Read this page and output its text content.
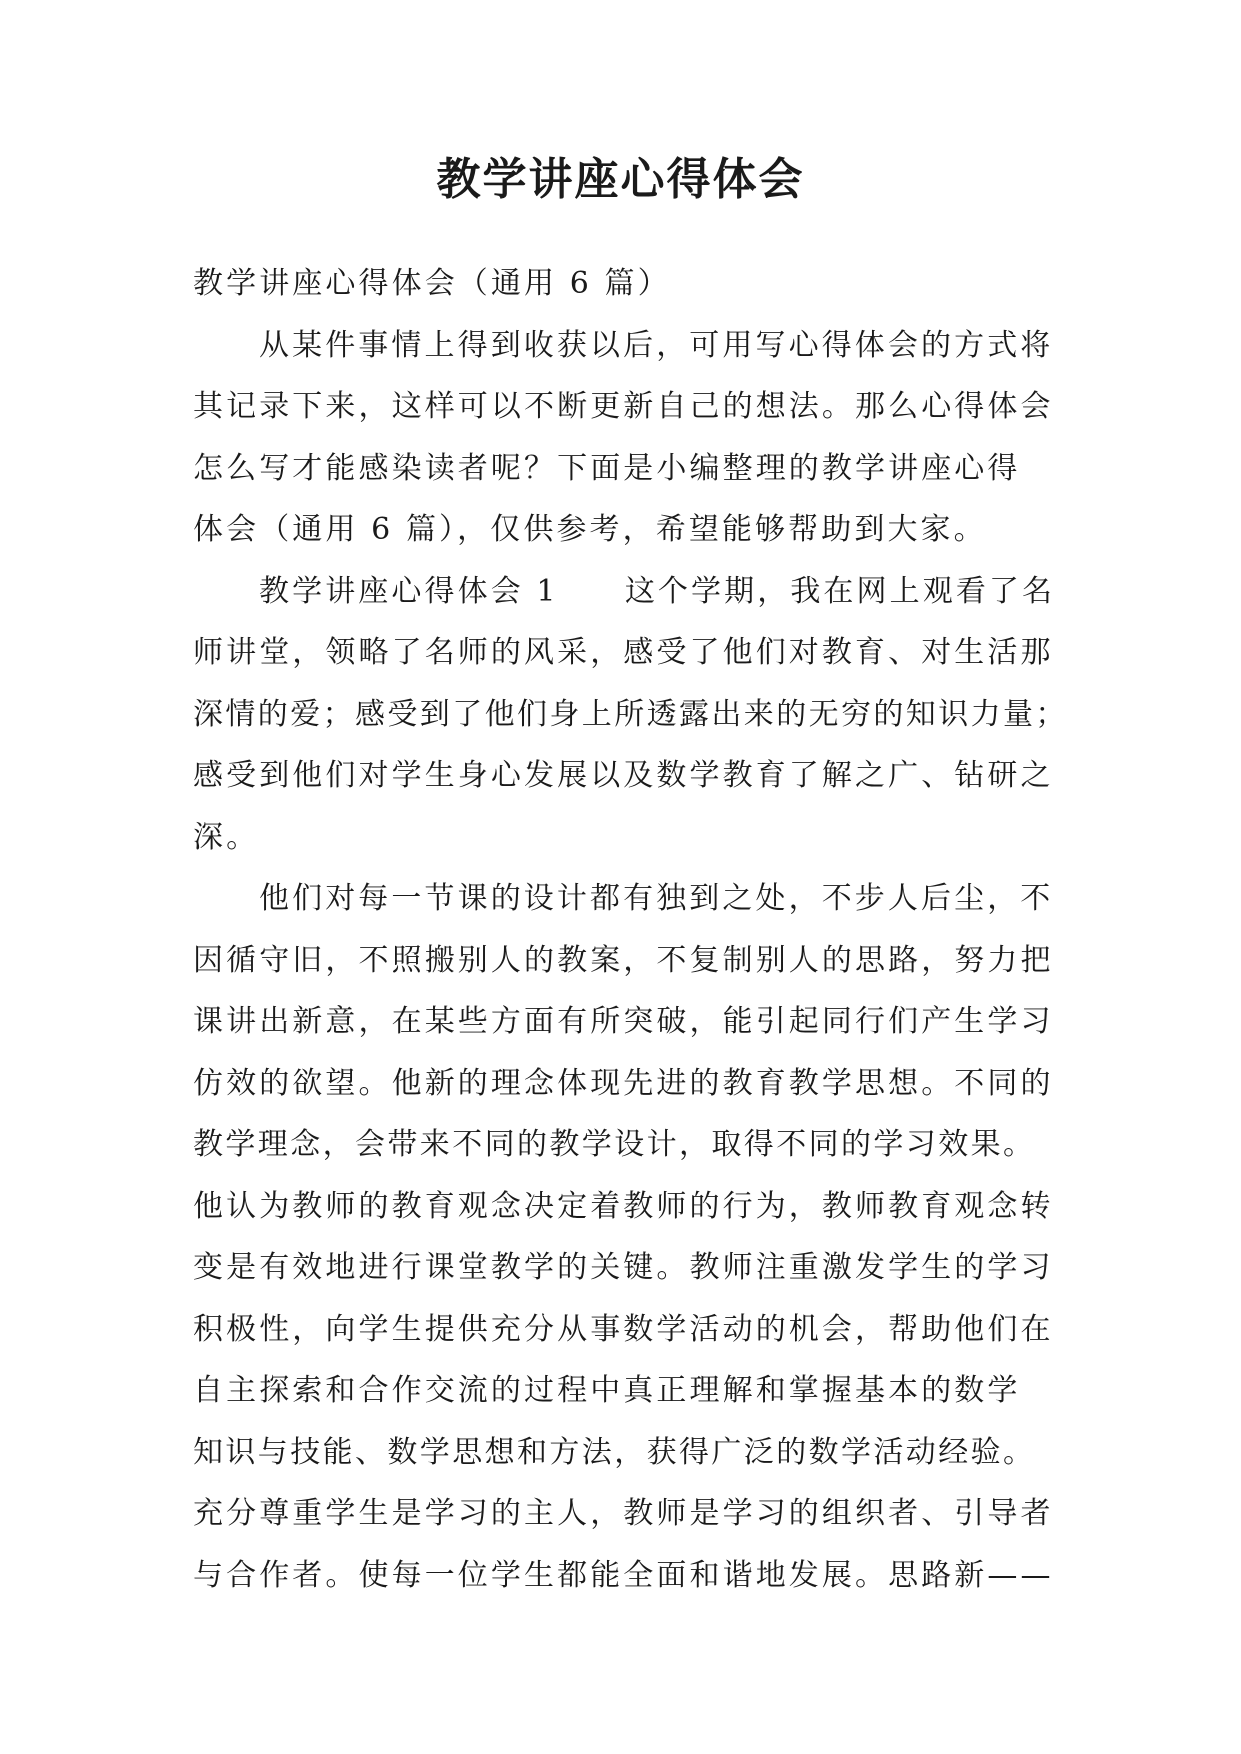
教学讲座心得体会
教学讲座心得体会（通用 6 篇）
从某件事情上得到收获以后，可用写心得体会的方式将
其记录下来，这样可以不断更新自己的想法。那么心得体会
怎么写才能感染读者呢？下面是小编整理的教学讲座心得
体会（通用 6 篇），仅供参考，希望能够帮助到大家。
教学讲座心得体会 1　　这个学期，我在网上观看了名
师讲堂，领略了名师的风采，感受了他们对教育、对生活那
深情的爱；感受到了他们身上所透露出来的无穷的知识力量；
感受到他们对学生身心发展以及数学教育了解之广、钻研之
深。
他们对每一节课的设计都有独到之处，不步人后尘，不
因循守旧，不照搬别人的教案，不复制别人的思路，努力把
课讲出新意，在某些方面有所突破，能引起同行们产生学习
仿效的欲望。他新的理念体现先进的教育教学思想。不同的
教学理念，会带来不同的教学设计，取得不同的学习效果。
他认为教师的教育观念决定着教师的行为，教师教育观念转
变是有效地进行课堂教学的关键。教师注重激发学生的学习
积极性，向学生提供充分从事数学活动的机会，帮助他们在
自主探索和合作交流的过程中真正理解和掌握基本的数学
知识与技能、数学思想和方法，获得广泛的数学活动经验。
充分尊重学生是学习的主人，教师是学习的组织者、引导者
与合作者。使每一位学生都能全面和谐地发展。思路新——
